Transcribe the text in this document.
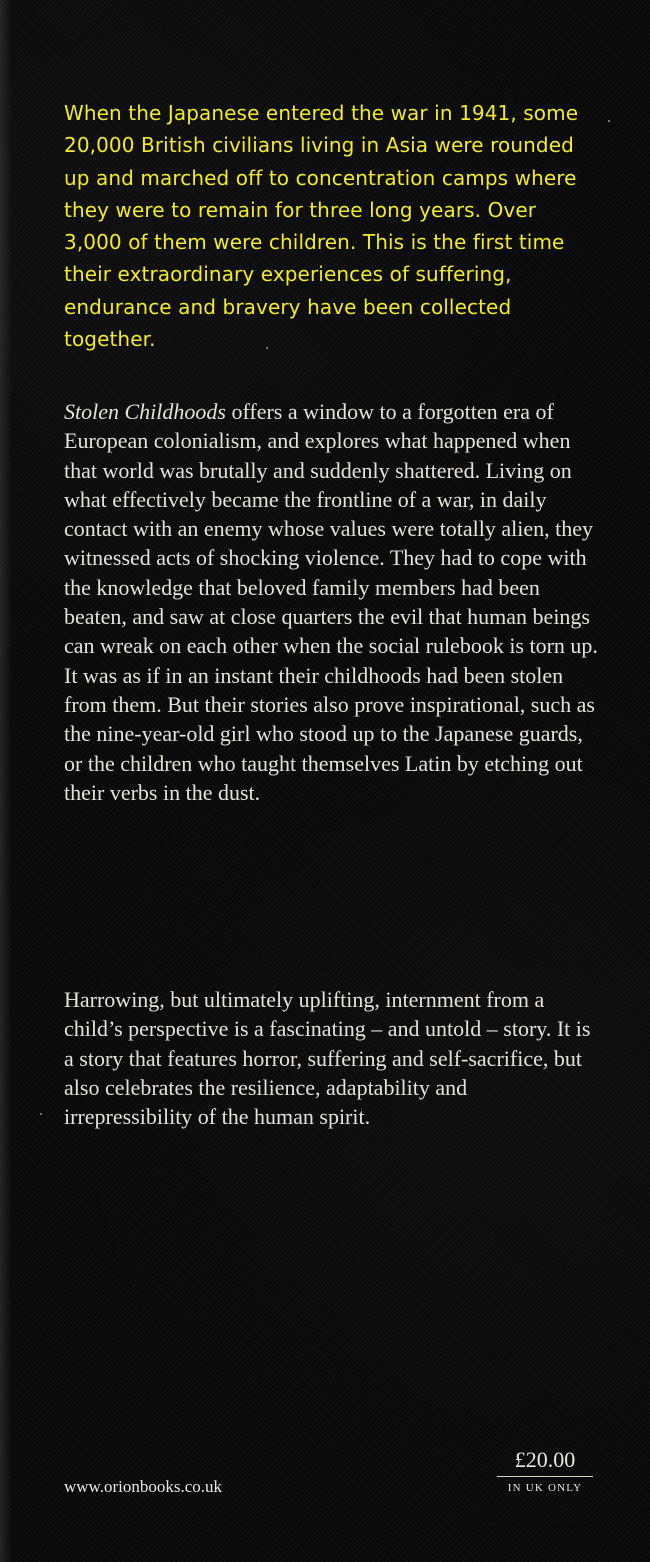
When the Japanese entered the war in 1941, some 20,000 British civilians living in Asia were rounded up and marched off to concentration camps where they were to remain for three long years. Over 3,000 of them were children. This is the first time their extraordinary experiences of suffering, endurance and bravery have been collected together.

Stolen Childhoods offers a window to a forgotten era of European colonialism, and explores what happened when that world was brutally and suddenly shattered. Living on what effectively became the frontline of a war, in daily contact with an enemy whose values were totally alien, they witnessed acts of shocking violence. They had to cope with the knowledge that beloved family members had been beaten, and saw at close quarters the evil that human beings can wreak on each other when the social rulebook is torn up. It was as if in an instant their childhoods had been stolen from them. But their stories also prove inspirational, such as the nine-year-old girl who stood up to the Japanese guards, or the children who taught themselves Latin by etching out their verbs in the dust.

Harrowing, but ultimately uplifting, internment from a child’s perspective is a fascinating – and untold – story. It is a story that features horror, suffering and self-sacrifice, but also celebrates the resilience, adaptability and irrepressibility of the human spirit.

www.orionbooks.co.uk
£20.00
IN UK ONLY
